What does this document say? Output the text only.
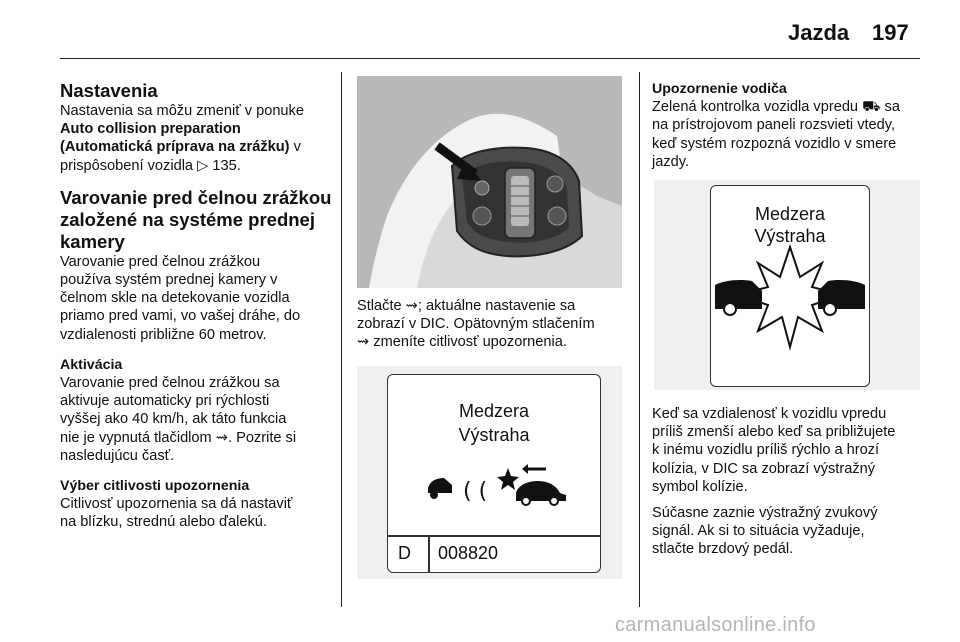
Jazda 197
Nastavenia

Nastavenia sa môžu zmeniť v ponuke
Auto collision preparation
(Automatická príprava na zrážku) v
prispôsobení vozidla ▷ 135.

Varovanie pred čelnou zrážkou
založené na systéme prednej
kamery

Varovanie pred čelnou zrážkou
používa systém prednej kamery v
čelnom skle na detekovanie vozidla
priamo pred vami, vo vašej dráhe, do
vzdialenosti približne 60 metrov.

Aktivácia

Varovanie pred čelnou zrážkou sa
aktivuje automaticky pri rýchlosti
vyššej ako 40 km/h, ak táto funkcia
nie je vypnutá tlačidlom ⇝. Pozrite si
nasledujúcu časť.

Výber citlivosti upozornenia

Citlivosť upozornenia sa dá nastaviť
na blízku, strednú alebo ďalekú.

Stlačte ⇝; aktuálne nastavenie sa
zobrazí v DIC. Opätovným stlačením
⇝ zmeníte citlivosť upozornenia.

Medzera
Výstraha
( (
D 008820
Upozornenie vodiča

Zelená kontrolka vozidla vpredu ⛟ sa
na prístrojovom paneli rozsvieti vtedy,
keď systém rozpozná vozidlo v smere
jazdy.

Medzera
Výstraha

Keď sa vzdialenosť k vozidlu vpredu
príliš zmenší alebo keď sa približujete
k inému vozidlu príliš rýchlo a hrozí
kolízia, v DIC sa zobrazí výstražný
symbol kolízie.

Súčasne zaznie výstražný zvukový
signál. Ak si to situácia vyžaduje,
stlačte brzdový pedál.

carmanualsonline.info
